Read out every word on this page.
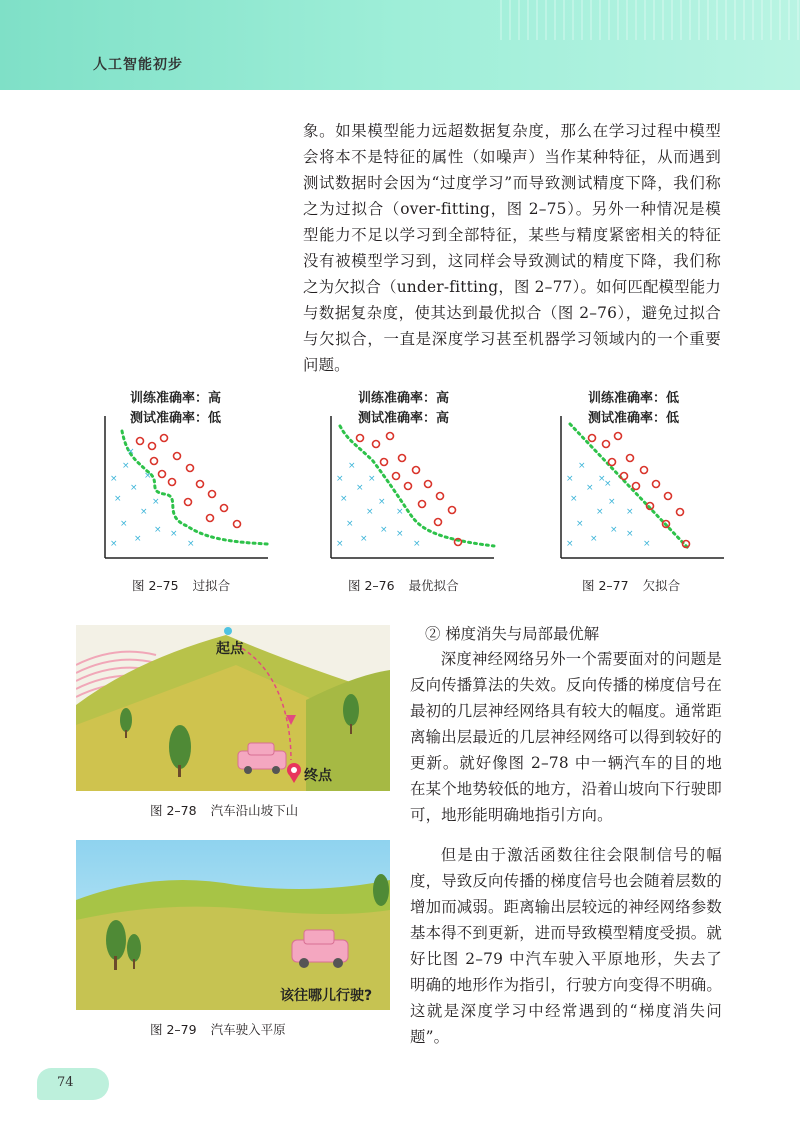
人工智能初步
象。如果模型能力远超数据复杂度，那么在学习过程中模型会将本不是特征的属性（如噪声）当作某种特征，从而遇到测试数据时会因为“过度学习”而导致测试精度下降，我们称之为过拟合（over-fitting，图 2–75）。另外一种情况是模型能力不足以学习到全部特征，某些与精度紧密相关的特征没有被模型学习到，这同样会导致测试的精度下降，我们称之为欠拟合（under-fitting，图 2–77）。如何匹配模型能力与数据复杂度，使其达到最优拟合（图 2–76），避免过拟合与欠拟合，一直是深度学习甚至机器学习领域内的一个重要问题。
训练准确率：高
测试准确率：低
×
×
×
×
×
×
×
×
× ×
×
×
×
×
图 2–75 过拟合
训练准确率：高
测试准确率：高
×
×
×
×
×
×
×
×
× ×
×
×
×
×
图 2–76 最优拟合
训练准确率：低
测试准确率：低
×
×
×
×
×
×
×
×
× ×
×
×
×
×
×
图 2–77 欠拟合
起点
终点
图 2–78 汽车沿山坡下山
该往哪儿行驶?
图 2–79 汽车驶入平原
② 梯度消失与局部最优解
深度神经网络另外一个需要面对的问题是反向传播算法的失效。反向传播的梯度信号在最初的几层神经网络具有较大的幅度。通常距离输出层最近的几层神经网络可以得到较好的更新。就好像图 2–78 中一辆汽车的目的地在某个地势较低的地方，沿着山坡向下行驶即可，地形能明确地指引方向。
但是由于激活函数往往会限制信号的幅度，导致反向传播的梯度信号也会随着层数的增加而减弱。距离输出层较远的神经网络参数基本得不到更新，进而导致模型精度受损。就好比图 2–79 中汽车驶入平原地形，失去了明确的地形作为指引，行驶方向变得不明确。这就是深度学习中经常遇到的“梯度消失问题”。
74
